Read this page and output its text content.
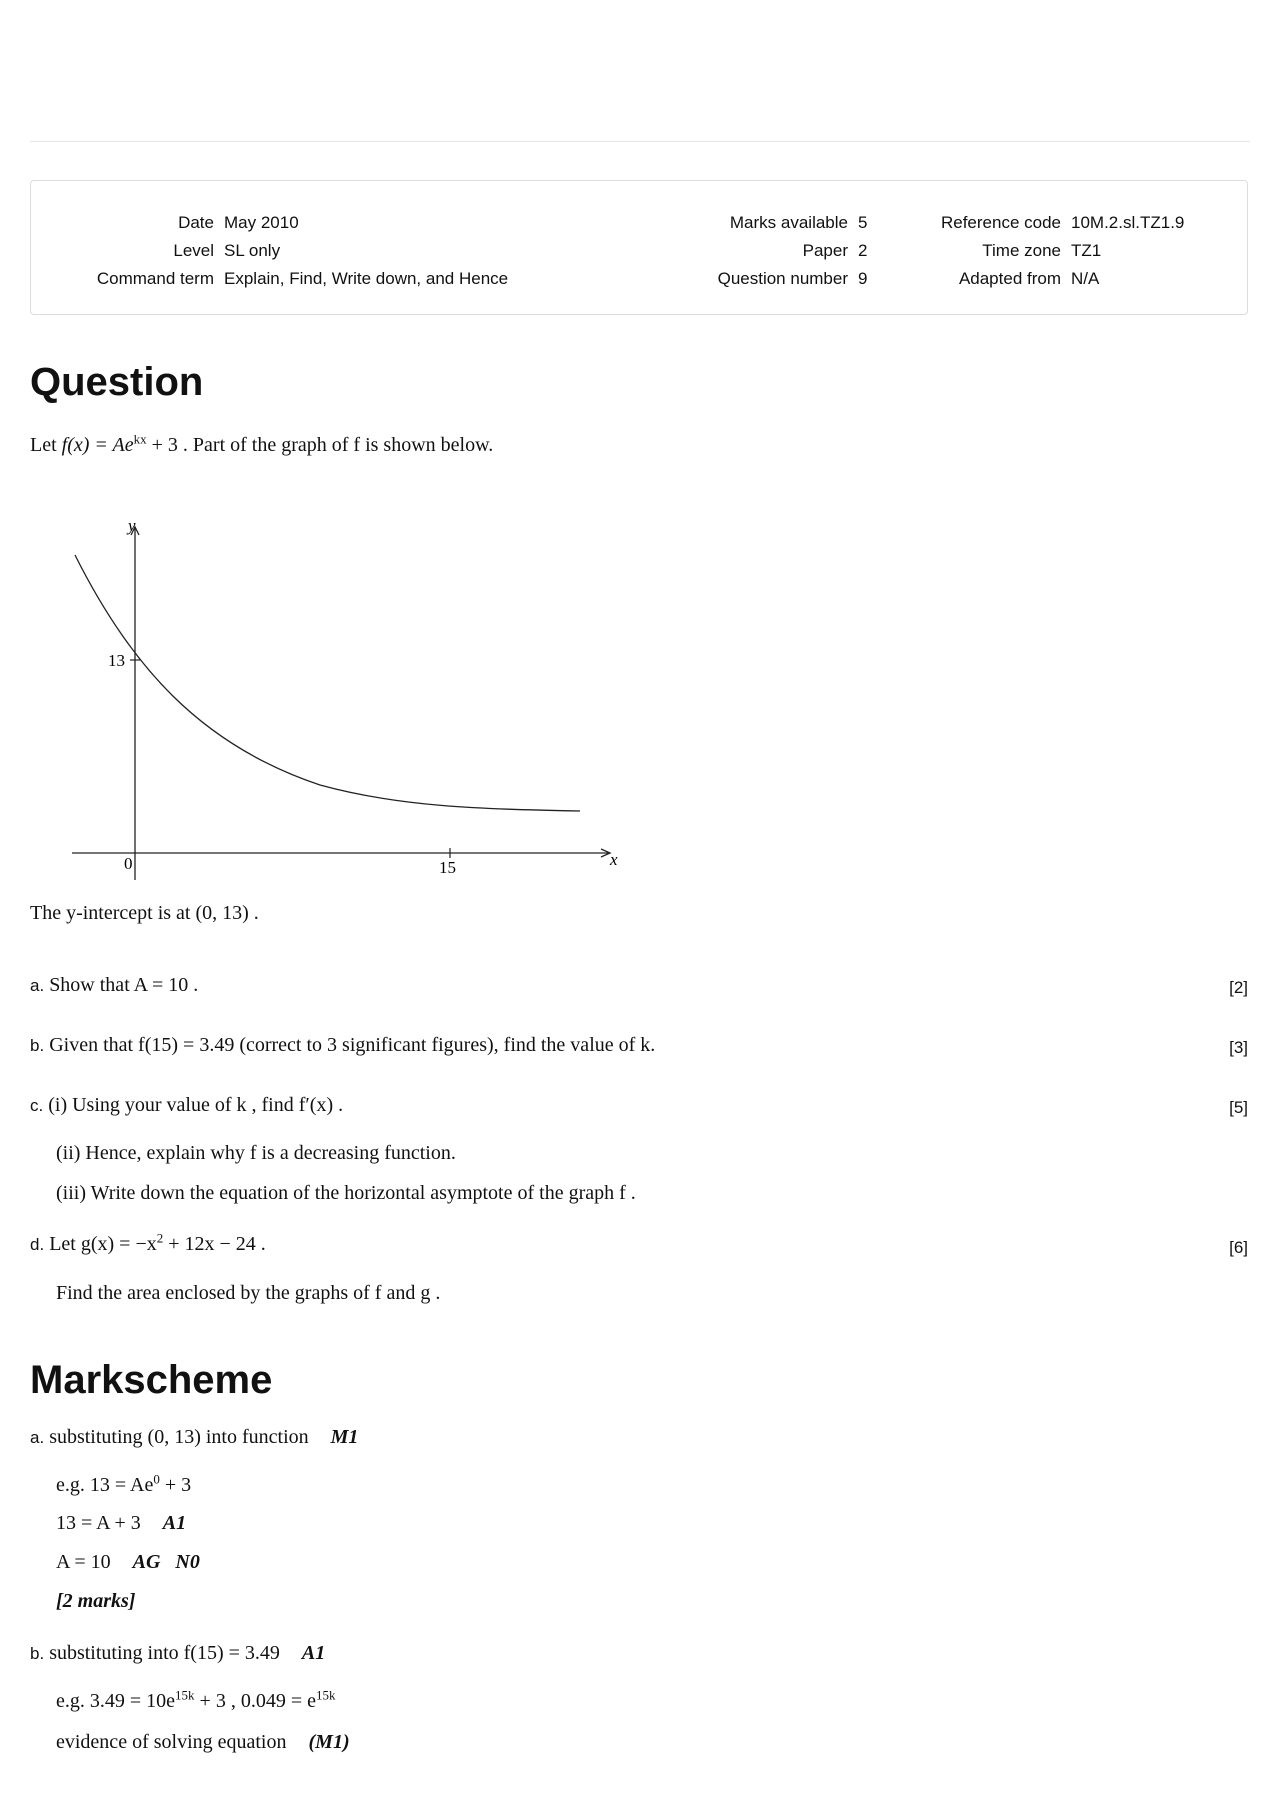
Date May 2010
Level SL only
Command term Explain, Find, Write down, and Hence
Marks available 5
Paper 2
Question number 9
Reference code 10M.2.sl.TZ1.9
Time zone TZ1
Adapted from N/A
Question
Let $f(x) = Ae^{kx} + 3$ . Part of the graph of f is shown below.
y
x
13
0	15
The y-intercept is at (0, 13) .
a. Show that A = 10 .	[2]
b. Given that f(15) = 3.49 (correct to 3 significant figures), find the value of k.	[3]
c. (i) Using your value of k , find f′(x) .	[5]
(ii) Hence, explain why f is a decreasing function.
(iii) Write down the equation of the horizontal asymptote of the graph f .
d. Let $g(x) = -x^2 + 12x - 24$ .	[6]
Find the area enclosed by the graphs of f and g .
Markscheme
a. substituting (0, 13) into function M1
e.g. $13 = Ae^0 + 3$
13 = A + 3 A1
A = 10 AG   N0
[2 marks]
b. substituting into f(15) = 3.49 A1
e.g. $3.49 = 10e^{15k} + 3$ , $0.049 = e^{15k}$
evidence of solving equation (M1)
